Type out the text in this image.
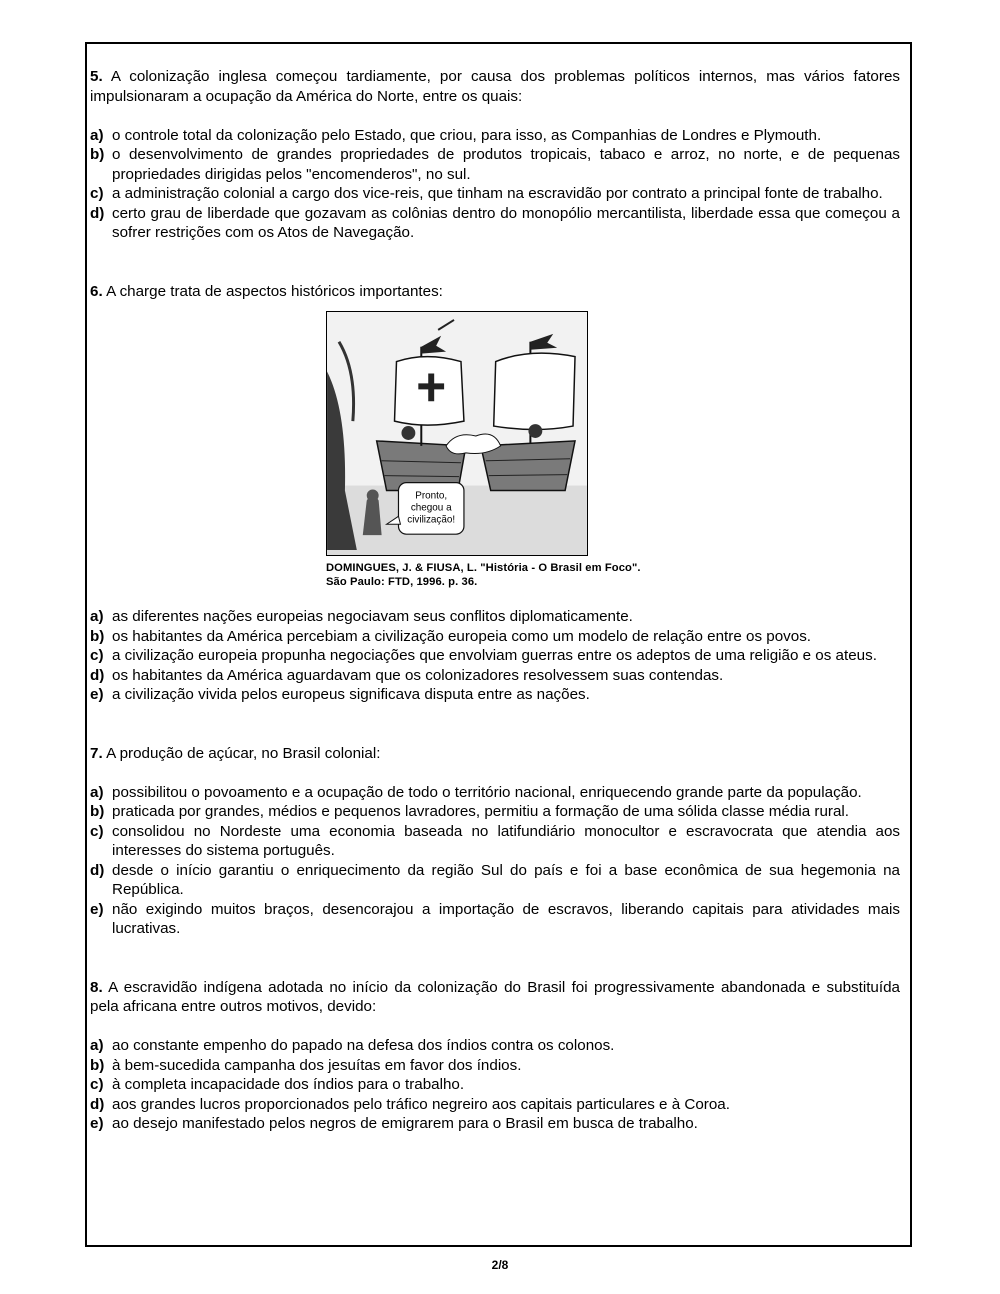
5. A colonização inglesa começou tardiamente, por causa dos problemas políticos internos, mas vários fatores impulsionaram a ocupação da América do Norte, entre os quais:

a) o controle total da colonização pelo Estado, que criou, para isso, as Companhias de Londres e Plymouth.
b) o desenvolvimento de grandes propriedades de produtos tropicais, tabaco e arroz, no norte, e de pequenas propriedades dirigidas pelos "encomenderos", no sul.
c) a administração colonial a cargo dos vice-reis, que tinham na escravidão por contrato a principal fonte de trabalho.
d) certo grau de liberdade que gozavam as colônias dentro do monopólio mercantilista, liberdade essa que começou a sofrer restrições com os Atos de Navegação.

6. A charge trata de aspectos históricos importantes:

Pronto,
chegou a
civilização!
DOMINGUES, J. & FIUSA, L. "História - O Brasil em Foco".
São Paulo: FTD, 1996. p. 36.
a) as diferentes nações europeias negociavam seus conflitos diplomaticamente.
b) os habitantes da América percebiam a civilização europeia como um modelo de relação entre os povos.
c) a civilização europeia propunha negociações que envolviam guerras entre os adeptos de uma religião e os ateus.
d) os habitantes da América aguardavam que os colonizadores resolvessem suas contendas.
e) a civilização vivida pelos europeus significava disputa entre as nações.

7. A produção de açúcar, no Brasil colonial:

a) possibilitou o povoamento e a ocupação de todo o território nacional, enriquecendo grande parte da população.
b) praticada por grandes, médios e pequenos lavradores, permitiu a formação de uma sólida classe média rural.
c) consolidou no Nordeste uma economia baseada no latifundiário monocultor e escravocrata que atendia aos interesses do sistema português.
d) desde o início garantiu o enriquecimento da região Sul do país e foi a base econômica de sua hegemonia na República.
e) não exigindo muitos braços, desencorajou a importação de escravos, liberando capitais para atividades mais lucrativas.

8. A escravidão indígena adotada no início da colonização do Brasil foi progressivamente abandonada e substituída pela africana entre outros motivos, devido:

a) ao constante empenho do papado na defesa dos índios contra os colonos.
b) à bem-sucedida campanha dos jesuítas em favor dos índios.
c) à completa incapacidade dos índios para o trabalho.
d) aos grandes lucros proporcionados pelo tráfico negreiro aos capitais particulares e à Coroa.
e) ao desejo manifestado pelos negros de emigrarem para o Brasil em busca de trabalho.
2/8
